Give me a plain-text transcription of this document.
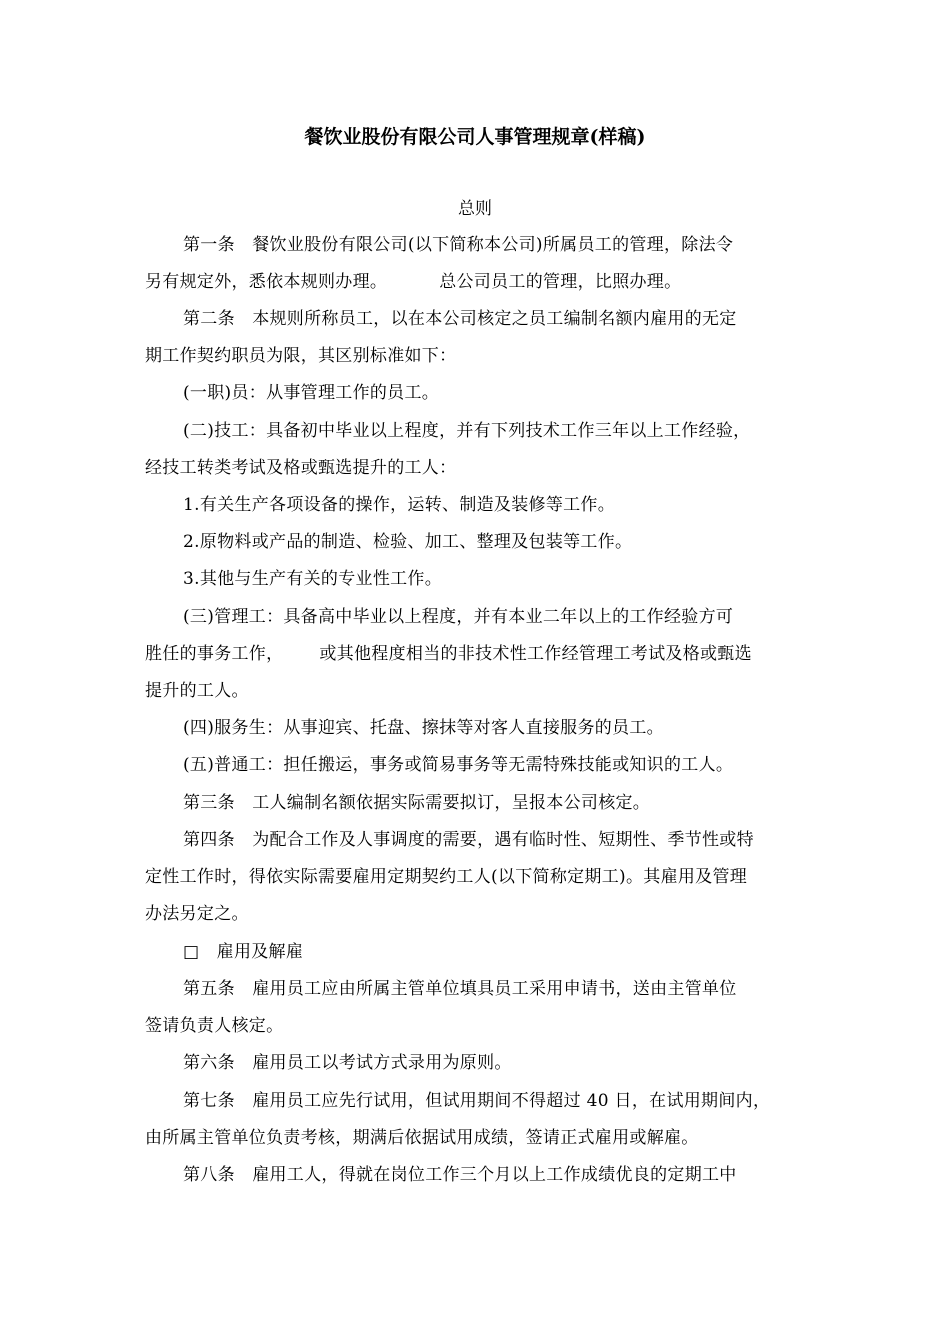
餐饮业股份有限公司人事管理规章(样稿)
总则
第一条　餐饮业股份有限公司(以下简称本公司)所属员工的管理，除法令
另有规定外，悉依本规则办理。	总公司员工的管理，比照办理。
第二条　本规则所称员工，以在本公司核定之员工编制名额内雇用的无定
期工作契约职员为限，其区别标准如下：
(一职)员：从事管理工作的员工。
(二)技工：具备初中毕业以上程度，并有下列技术工作三年以上工作经验，
经技工转类考试及格或甄选提升的工人：
1.有关生产各项设备的操作，运转、制造及装修等工作。
2.原物料或产品的制造、检验、加工、整理及包装等工作。
3.其他与生产有关的专业性工作。
(三)管理工：具备高中毕业以上程度，并有本业二年以上的工作经验方可
胜任的事务工作， 或其他程度相当的非技术性工作经管理工考试及格或甄选
提升的工人。
(四)服务生：从事迎宾、托盘、擦抹等对客人直接服务的员工。
(五)普通工：担任搬运，事务或简易事务等无需特殊技能或知识的工人。
第三条　工人编制名额依据实际需要拟订，呈报本公司核定。
第四条　为配合工作及人事调度的需要，遇有临时性、短期性、季节性或特
定性工作时，得依实际需要雇用定期契约工人(以下简称定期工)。其雇用及管理
办法另定之。
□　雇用及解雇
第五条　雇用员工应由所属主管单位填具员工采用申请书，送由主管单位
签请负责人核定。
第六条　雇用员工以考试方式录用为原则。
第七条　雇用员工应先行试用，但试用期间不得超过 40 日，在试用期间内，
由所属主管单位负责考核，期满后依据试用成绩，签请正式雇用或解雇。
第八条　雇用工人，得就在岗位工作三个月以上工作成绩优良的定期工中
